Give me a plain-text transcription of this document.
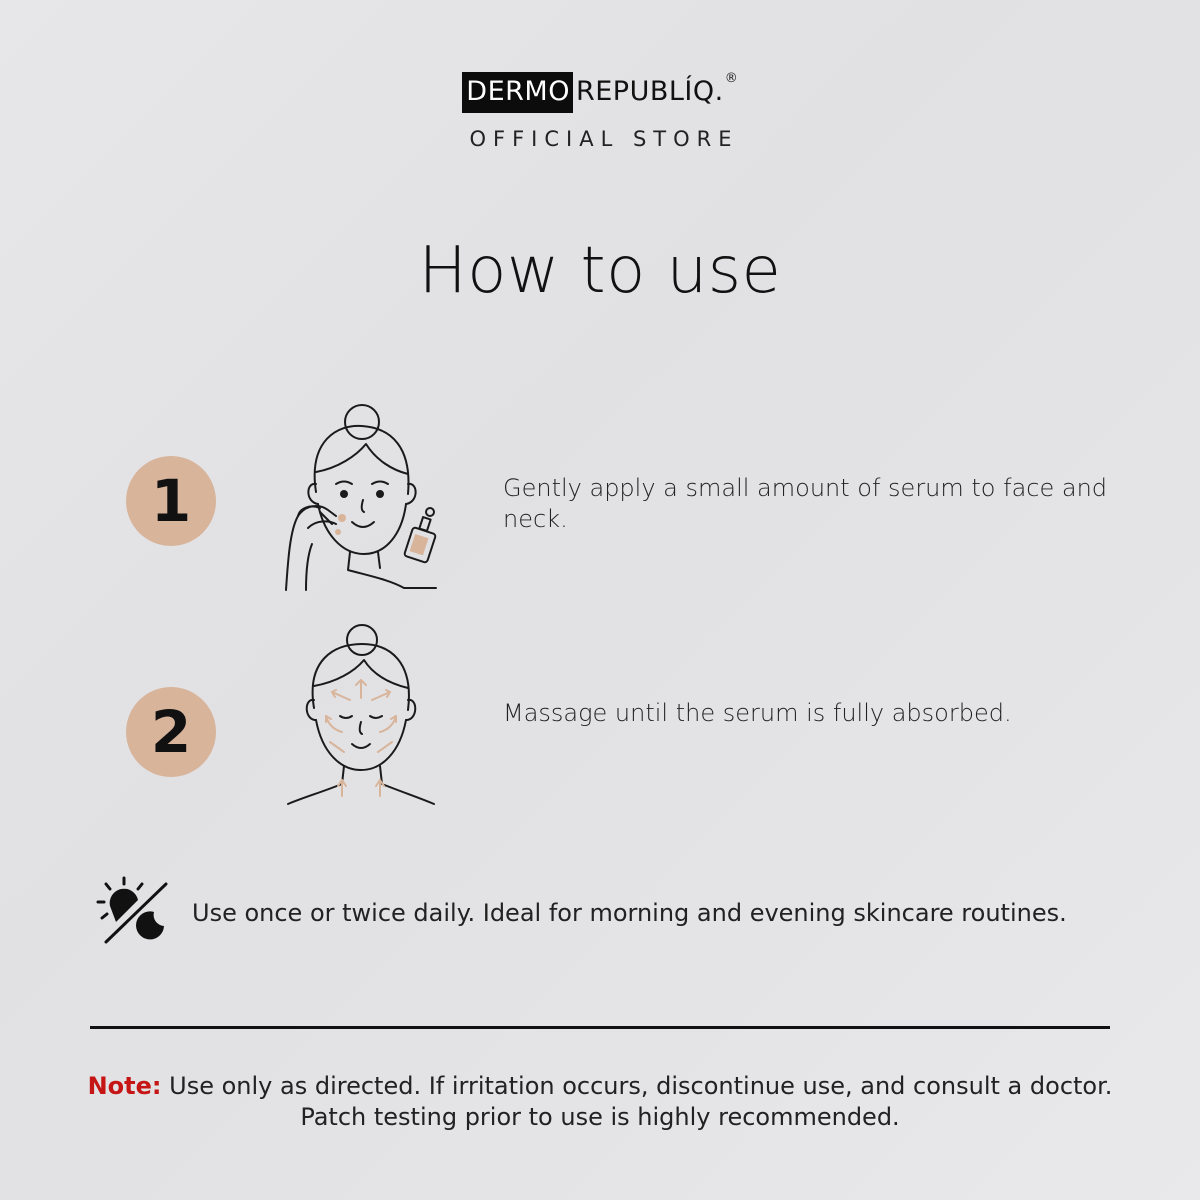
DERMO REPUBLÍQ. ®
OFFICIAL STORE
How to use
1	Gently apply a small amount of serum to face and neck.
2	Massage until the serum is fully absorbed.
Use once or twice daily. Ideal for morning and evening skincare routines.
Note: Use only as directed. If irritation occurs, discontinue use, and consult a doctor.
Patch testing prior to use is highly recommended.
